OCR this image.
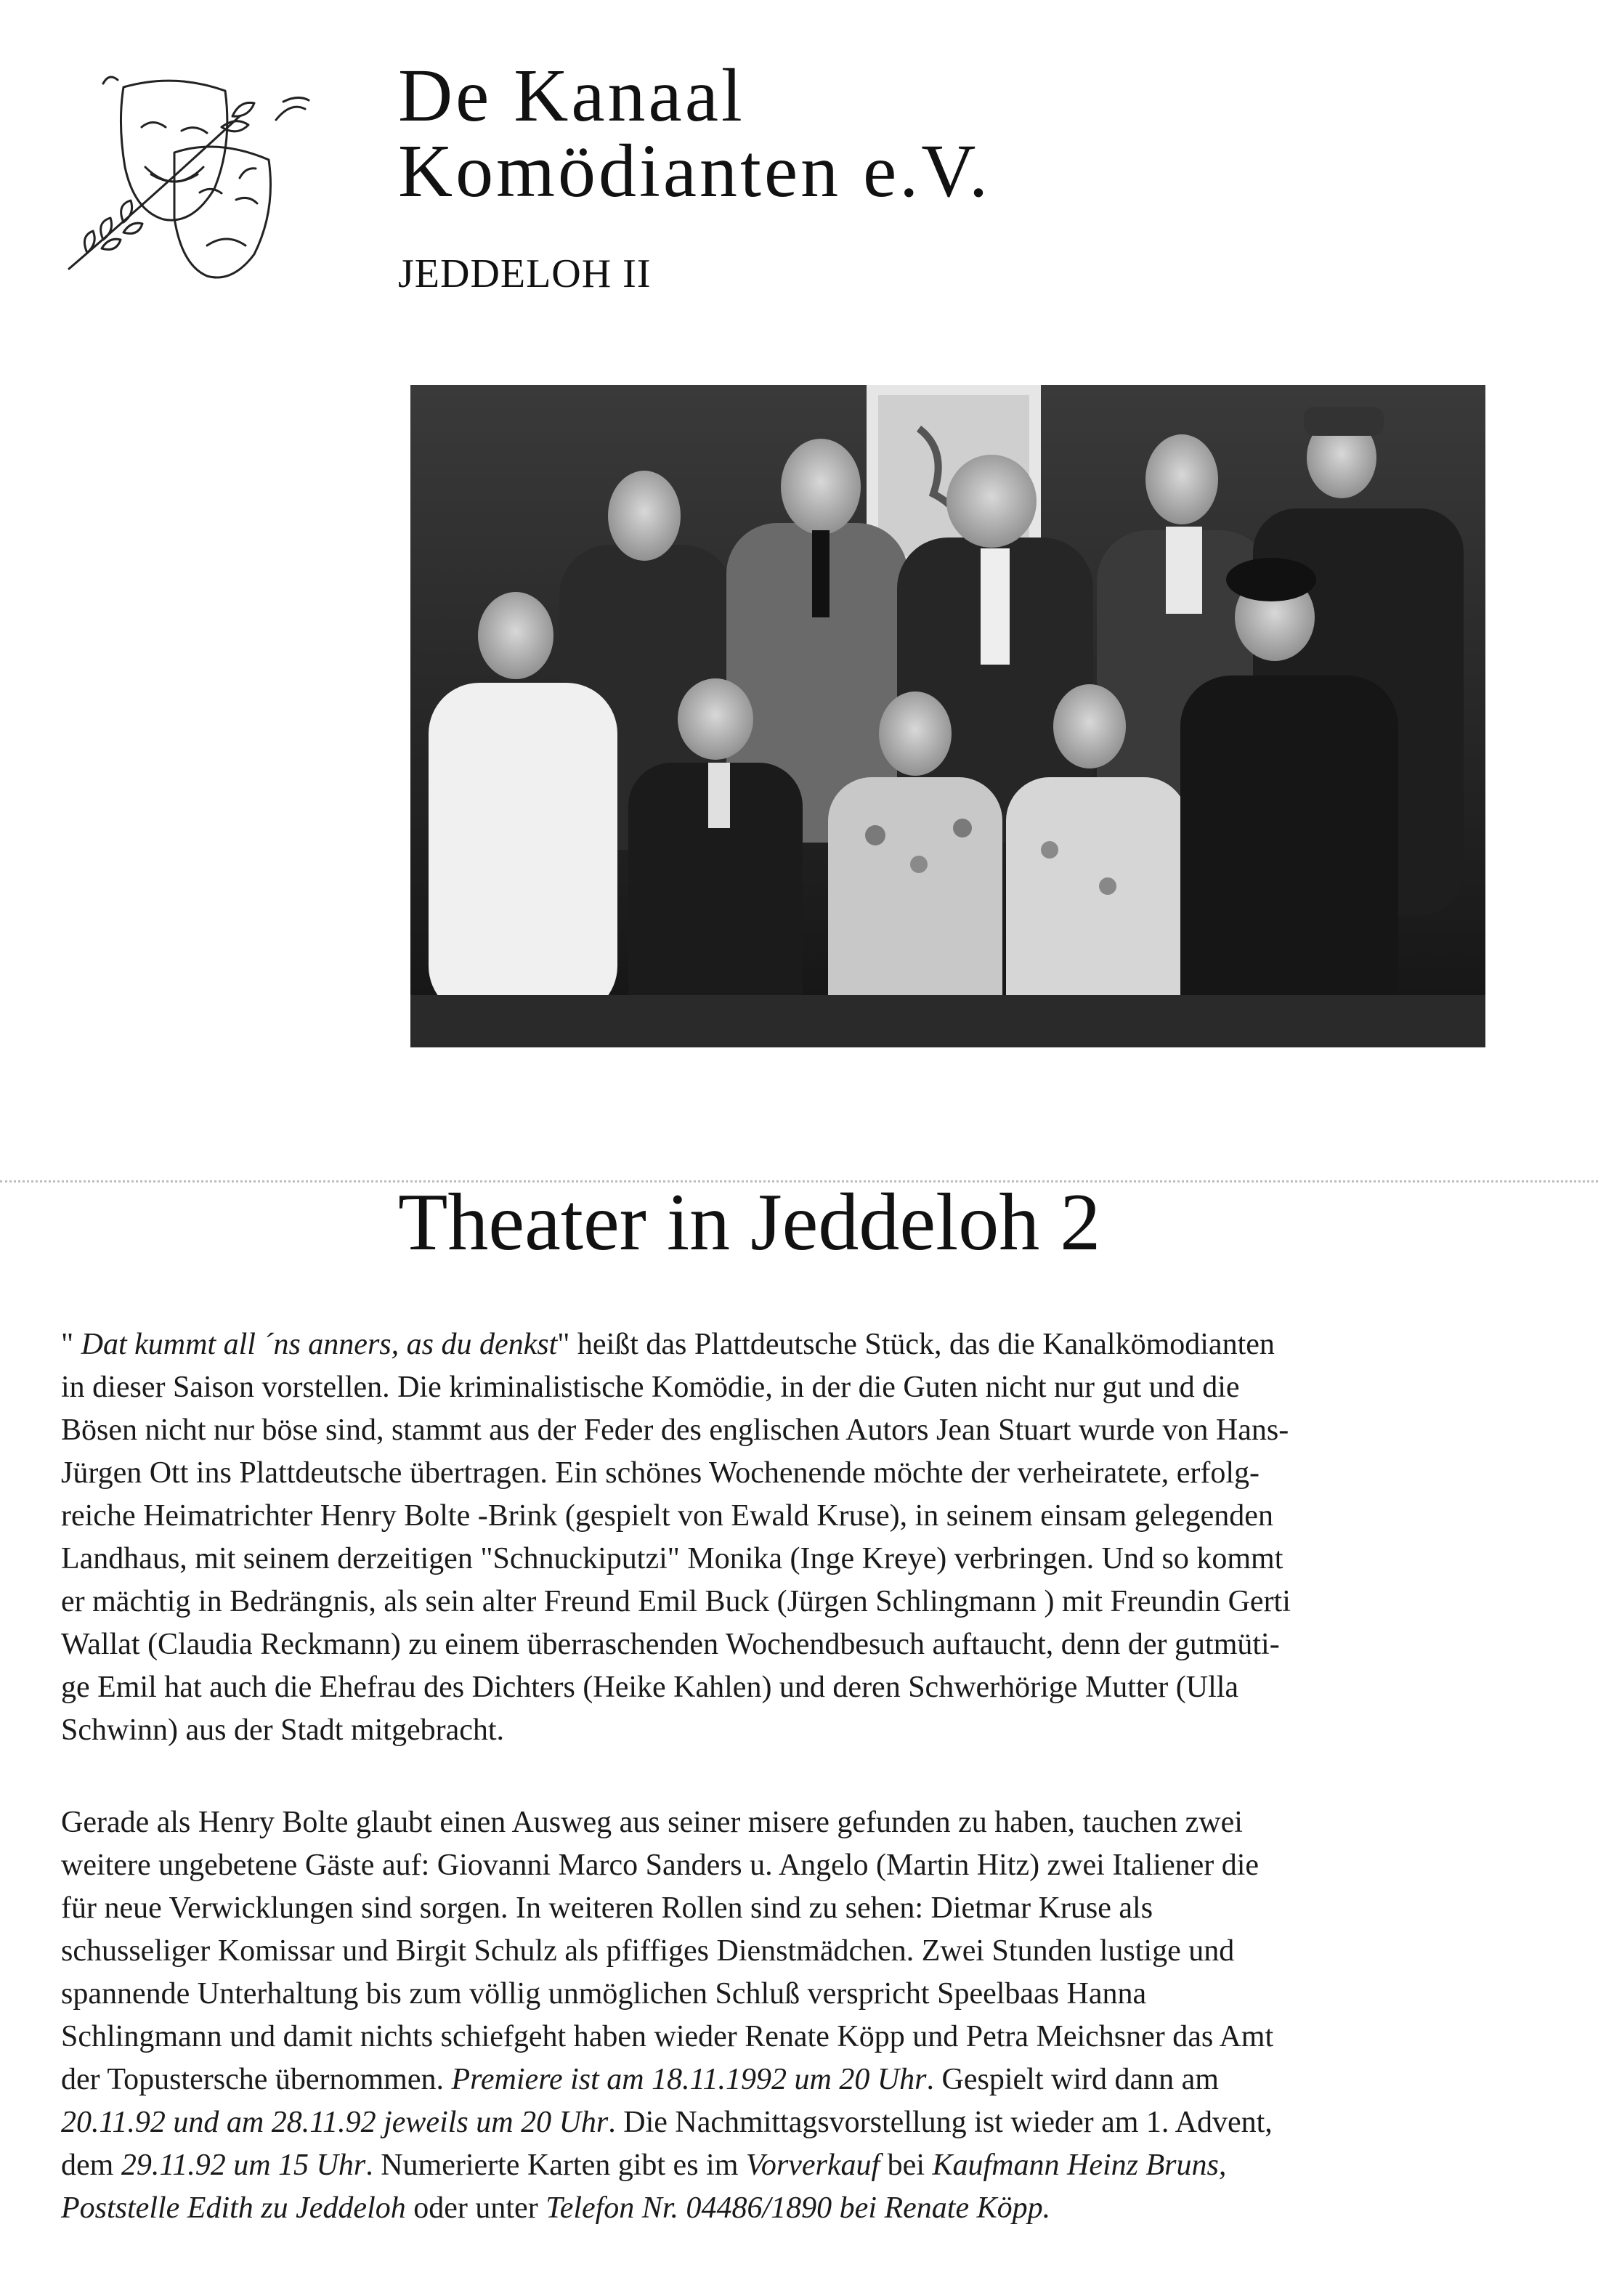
De Kanaal
Komödianten e.V.
JEDDELOH II
Theater in Jeddeloh 2
" Dat kummt all ´ns anners, as du denkst" heißt das Plattdeutsche Stück, das die Kanalkömodianten
in dieser Saison vorstellen. Die kriminalistische Komödie, in der die Guten nicht nur gut und die
Bösen nicht nur böse sind, stammt aus der Feder des englischen Autors Jean Stuart wurde von Hans-
Jürgen Ott ins Plattdeutsche übertragen. Ein schönes Wochenende möchte der verheiratete, erfolg-
reiche Heimatrichter Henry Bolte -Brink (gespielt von Ewald Kruse), in seinem einsam gelegenden
Landhaus, mit seinem derzeitigen "Schnuckiputzi" Monika (Inge Kreye) verbringen. Und so kommt
er mächtig in Bedrängnis, als sein alter Freund Emil Buck (Jürgen Schlingmann ) mit Freundin Gerti
Wallat (Claudia Reckmann) zu einem überraschenden Wochendbesuch auftaucht, denn der gutmüti-
ge Emil hat auch die Ehefrau des Dichters (Heike Kahlen) und deren Schwerhörige Mutter (Ulla
Schwinn) aus der Stadt mitgebracht.
Gerade als Henry Bolte glaubt einen Ausweg aus seiner misere gefunden zu haben, tauchen zwei
weitere ungebetene Gäste auf: Giovanni Marco Sanders u. Angelo (Martin Hitz) zwei Italiener die
für neue Verwicklungen sind sorgen. In weiteren Rollen sind zu sehen: Dietmar Kruse als
schusseliger Komissar und Birgit Schulz als pfiffiges Dienstmädchen. Zwei Stunden lustige und
spannende Unterhaltung bis zum völlig unmöglichen Schluß verspricht Speelbaas Hanna
Schlingmann und damit nichts schiefgeht haben wieder Renate Köpp und Petra Meichsner das Amt
der Topustersche übernommen. Premiere ist am 18.11.1992 um 20 Uhr. Gespielt wird dann am
20.11.92 und am 28.11.92 jeweils um 20 Uhr. Die Nachmittagsvorstellung ist wieder am 1. Advent,
dem 29.11.92 um 15 Uhr. Numerierte Karten gibt es im Vorverkauf bei Kaufmann Heinz Bruns,
Poststelle Edith zu Jeddeloh oder unter Telefon Nr. 04486/1890 bei Renate Köpp.
